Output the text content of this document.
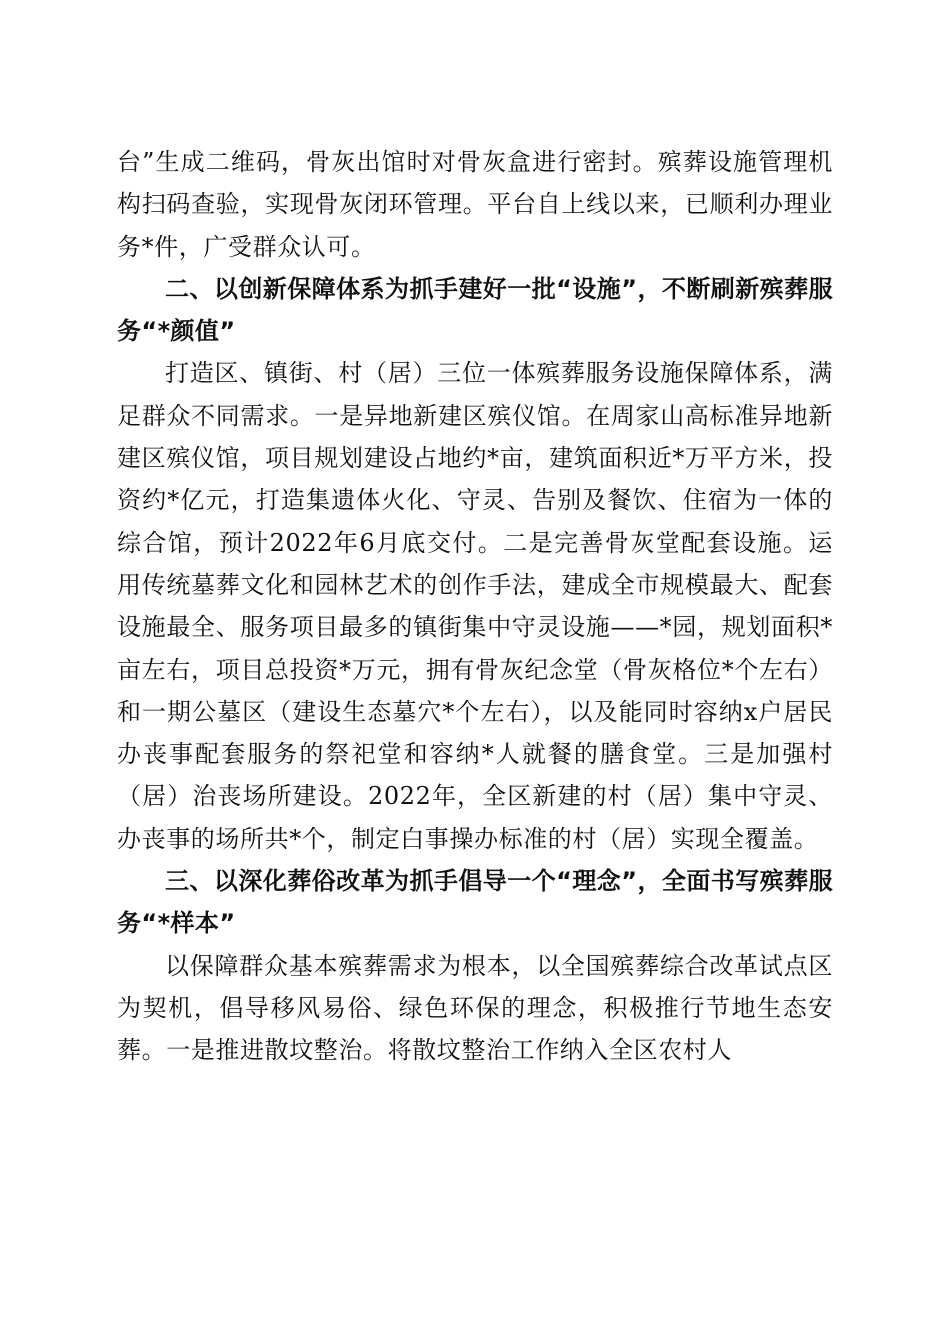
台”生成二维码，骨灰出馆时对骨灰盒进行密封。殡葬设施管理机构扫码查验，实现骨灰闭环管理。平台自上线以来，已顺利办理业务*件，广受群众认可。

二、以创新保障体系为抓手建好一批“设施”，不断刷新殡葬服务“*颜值”

打造区、镇街、村（居）三位一体殡葬服务设施保障体系，满足群众不同需求。一是异地新建区殡仪馆。在周家山高标准异地新建区殡仪馆，项目规划建设占地约*亩，建筑面积近*万平方米，投资约*亿元，打造集遗体火化、守灵、告别及餐饮、住宿为一体的综合馆，预计2022年6月底交付。二是完善骨灰堂配套设施。运用传统墓葬文化和园林艺术的创作手法，建成全市规模最大、配套设施最全、服务项目最多的镇街集中守灵设施——*园，规划面积*亩左右，项目总投资*万元，拥有骨灰纪念堂（骨灰格位*个左右）和一期公墓区（建设生态墓穴*个左右），以及能同时容纳x户居民办丧事配套服务的祭祀堂和容纳*人就餐的膳食堂。三是加强村（居）治丧场所建设。2022年，全区新建的村（居）集中守灵、办丧事的场所共*个，制定白事操办标准的村（居）实现全覆盖。

三、以深化葬俗改革为抓手倡导一个“理念”，全面书写殡葬服务“*样本”

以保障群众基本殡葬需求为根本，以全国殡葬综合改革试点区为契机，倡导移风易俗、绿色环保的理念，积极推行节地生态安葬。一是推进散坟整治。将散坟整治工作纳入全区农村人
